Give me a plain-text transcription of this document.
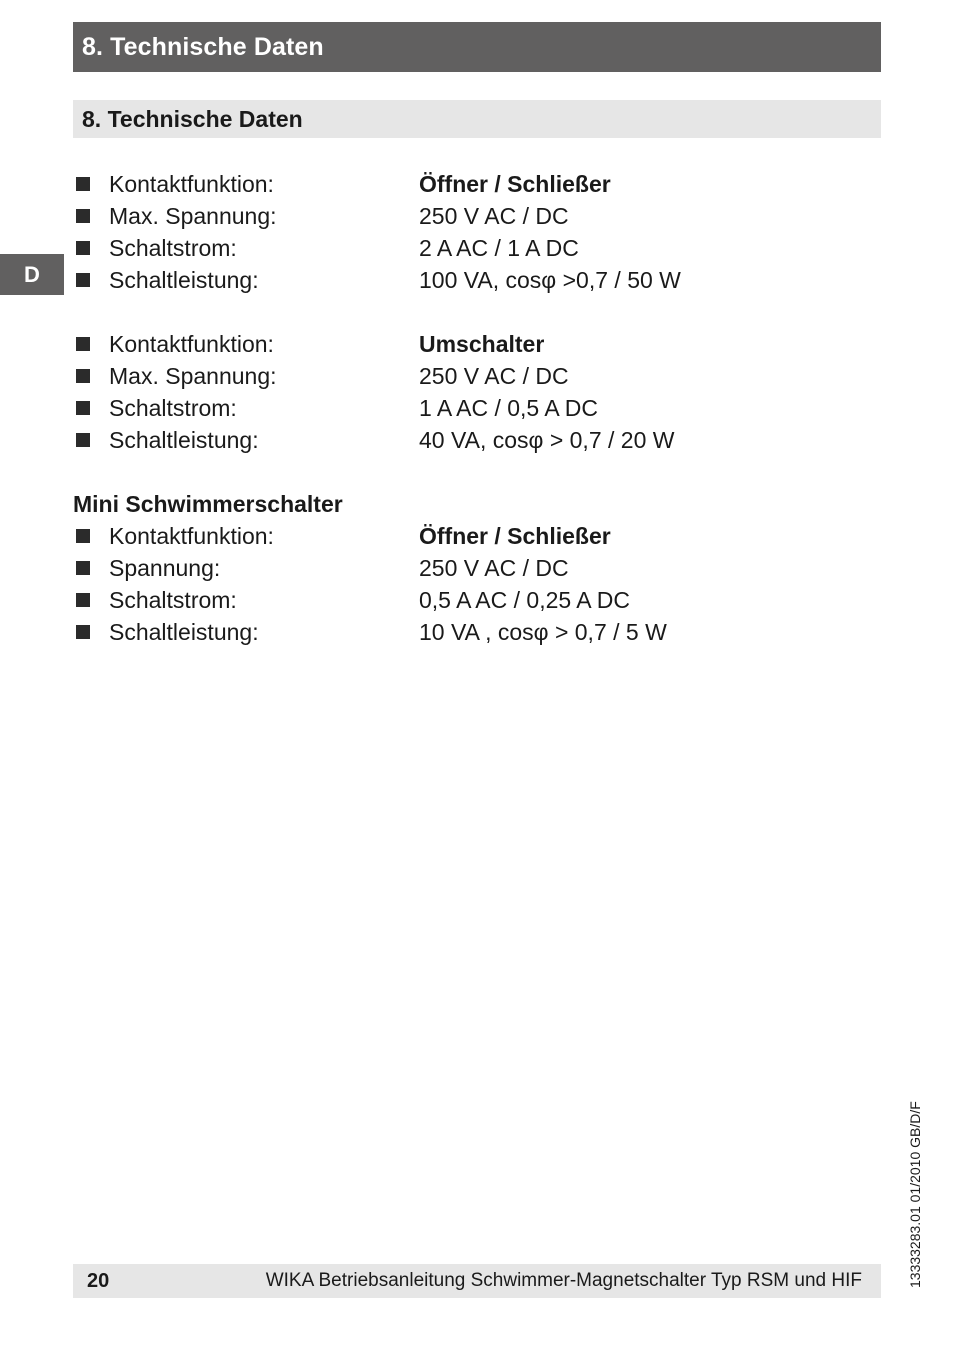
8. Technische Daten
8. Technische Daten
D
Kontaktfunktion:	Öffner / Schließer
Max. Spannung:	250 V AC / DC
Schaltstrom:	2 A AC / 1 A DC
Schaltleistung:	100 VA, cosφ >0,7 / 50 W
Kontaktfunktion:	Umschalter
Max. Spannung:	250 V AC / DC
Schaltstrom:	1 A AC / 0,5 A DC
Schaltleistung:	40 VA, cosφ > 0,7 / 20 W
Mini Schwimmerschalter
Kontaktfunktion:	Öffner / Schließer
Spannung:	250 V AC / DC
Schaltstrom:	0,5 A AC / 0,25 A DC
Schaltleistung:	10 VA , cosφ > 0,7 / 5 W
13333283.01 01/2010 GB/D/F
20	WIKA Betriebsanleitung Schwimmer-Magnetschalter Typ RSM und HIF
